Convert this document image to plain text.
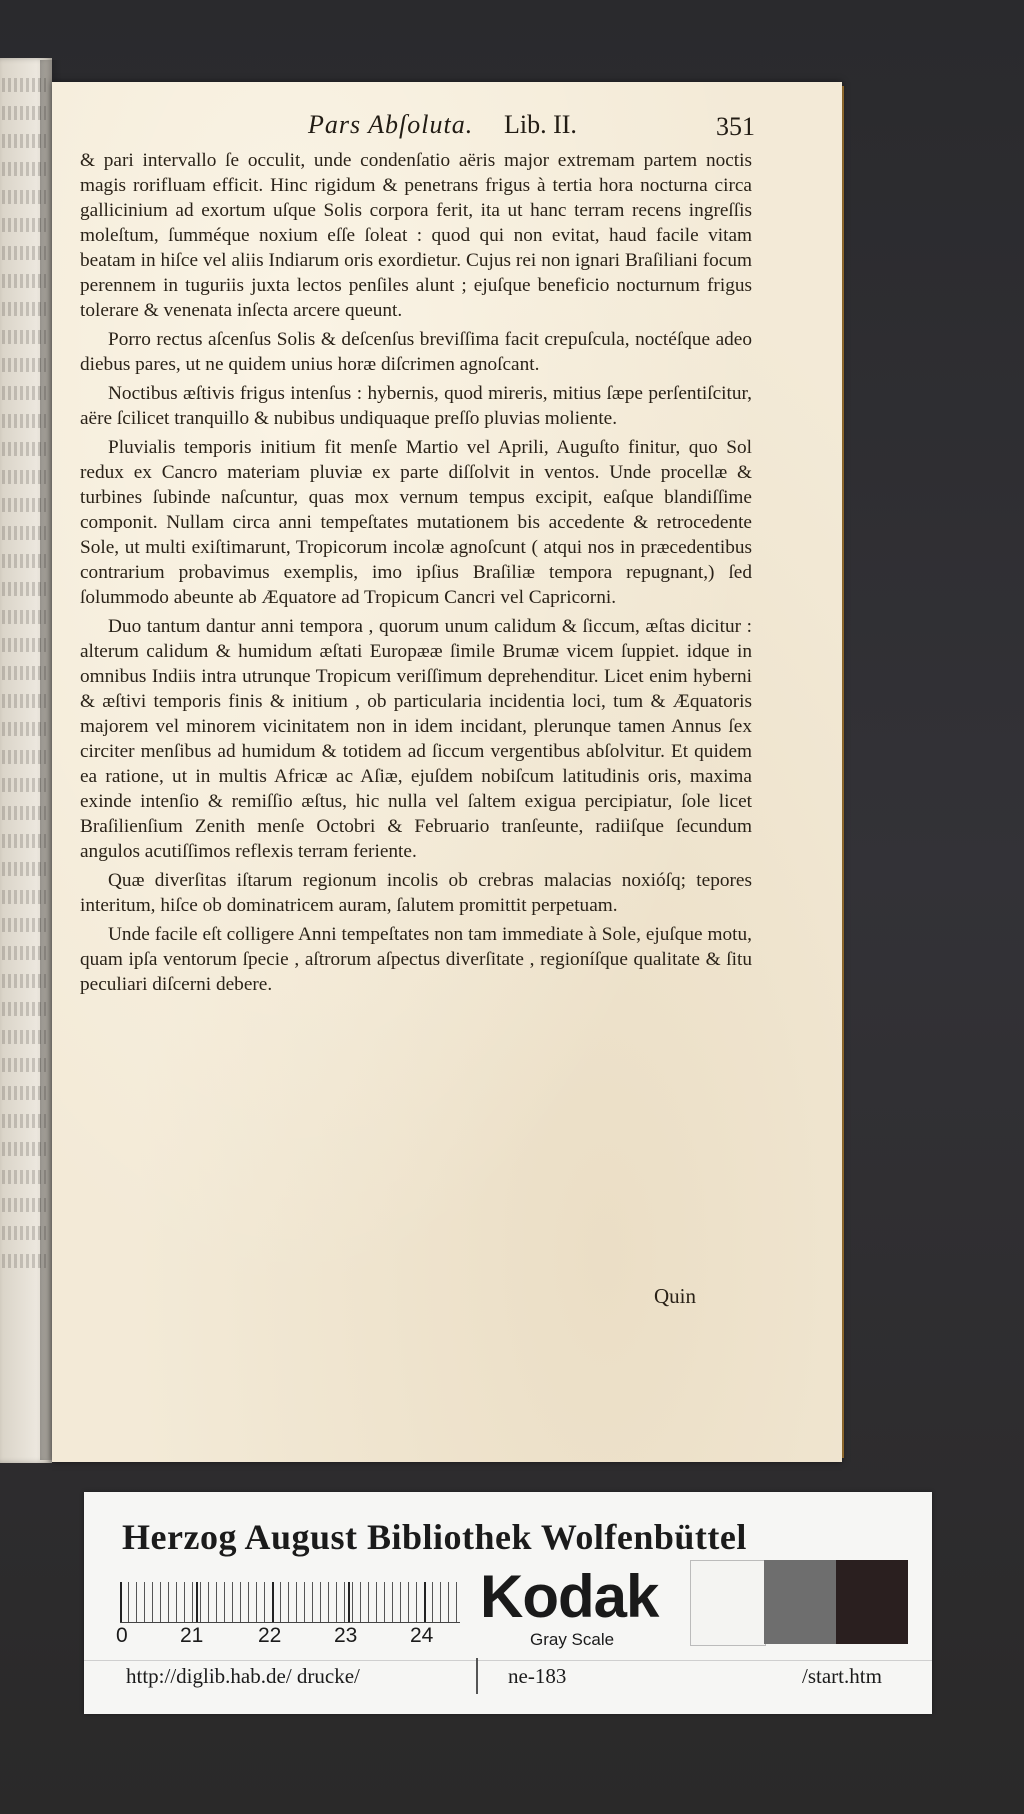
Pars Abſoluta. Lib. II.	351

& pari intervallo ſe occulit, unde condenſatio aëris major extremam partem noctis magis rorifluam efficit. Hinc rigidum & penetrans frigus à tertia hora nocturna circa gallicinium ad exortum uſque Solis corpora ferit, ita ut hanc terram recens ingreſſis moleſtum, ſumméque noxium eſſe ſoleat : quod qui non evitat, haud facile vitam beatam in hiſce vel aliis Indiarum oris exordietur. Cujus rei non ignari Braſiliani focum perennem in tuguriis juxta lectos penſiles alunt ; ejuſque beneficio nocturnum frigus tolerare & venenata inſecta arcere queunt.

Porro rectus aſcenſus Solis & deſcenſus breviſſima facit crepuſcula, noctéſque adeo diebus pares, ut ne quidem unius horæ diſcrimen agnoſcant.

Noctibus æſtivis frigus intenſus : hybernis, quod mireris, mitius ſæpe perſentiſcitur, aëre ſcilicet tranquillo & nubibus undiquaque preſſo pluvias moliente.

Pluvialis temporis initium fit menſe Martio vel Aprili, Auguſto finitur, quo Sol redux ex Cancro materiam pluviæ ex parte diſſolvit in ventos. Unde procellæ & turbines ſubinde naſcuntur, quas mox vernum tempus excipit, eaſque blandiſſime componit. Nullam circa anni tempeſtates mutationem bis accedente & retrocedente Sole, ut multi exiſtimarunt, Tropicorum incolæ agnoſcunt ( atqui nos in præcedentibus contrarium probavimus exemplis, imo ipſius Braſiliæ tempora repugnant,) ſed ſolummodo abeunte ab Æquatore ad Tropicum Cancri vel Capricorni.

Duo tantum dantur anni tempora , quorum unum calidum & ſiccum, æſtas dicitur : alterum calidum & humidum æſtati Europææ ſimile Brumæ vicem ſuppiet. idque in omnibus Indiis intra utrunque Tropicum veriſſimum deprehenditur. Licet enim hyberni & æſtivi temporis finis & initium , ob particularia incidentia loci, tum & Æquatoris majorem vel minorem vicinitatem non in idem incidant, plerunque tamen Annus ſex circiter menſibus ad humidum & totidem ad ſiccum vergentibus abſolvitur. Et quidem ea ratione, ut in multis Africæ ac Aſiæ, ejuſdem nobiſcum latitudinis oris, maxima exinde intenſio & remiſſio æſtus, hic nulla vel ſaltem exigua percipiatur, ſole licet Braſilienſium Zenith menſe Octobri & Februario tranſeunte, radiiſque ſecundum angulos acutiſſimos reflexis terram feriente.

Quæ diverſitas iſtarum regionum incolis ob crebras malacias noxióſq; tepores interitum, hiſce ob dominatricem auram, ſalutem promittit perpetuam.

Unde facile eſt colligere Anni tempeſtates non tam immediate à Sole, ejuſque motu, quam ipſa ventorum ſpecie , aſtrorum aſpectus diverſitate , regioníſque qualitate & ſitu peculiari diſcerni debere.

Quin
Herzog August Bibliothek Wolfenbüttel
0 21	22	23	24
Kodak
Gray Scale
http://diglib.hab.de/ drucke/	ne-183	/start.htm
